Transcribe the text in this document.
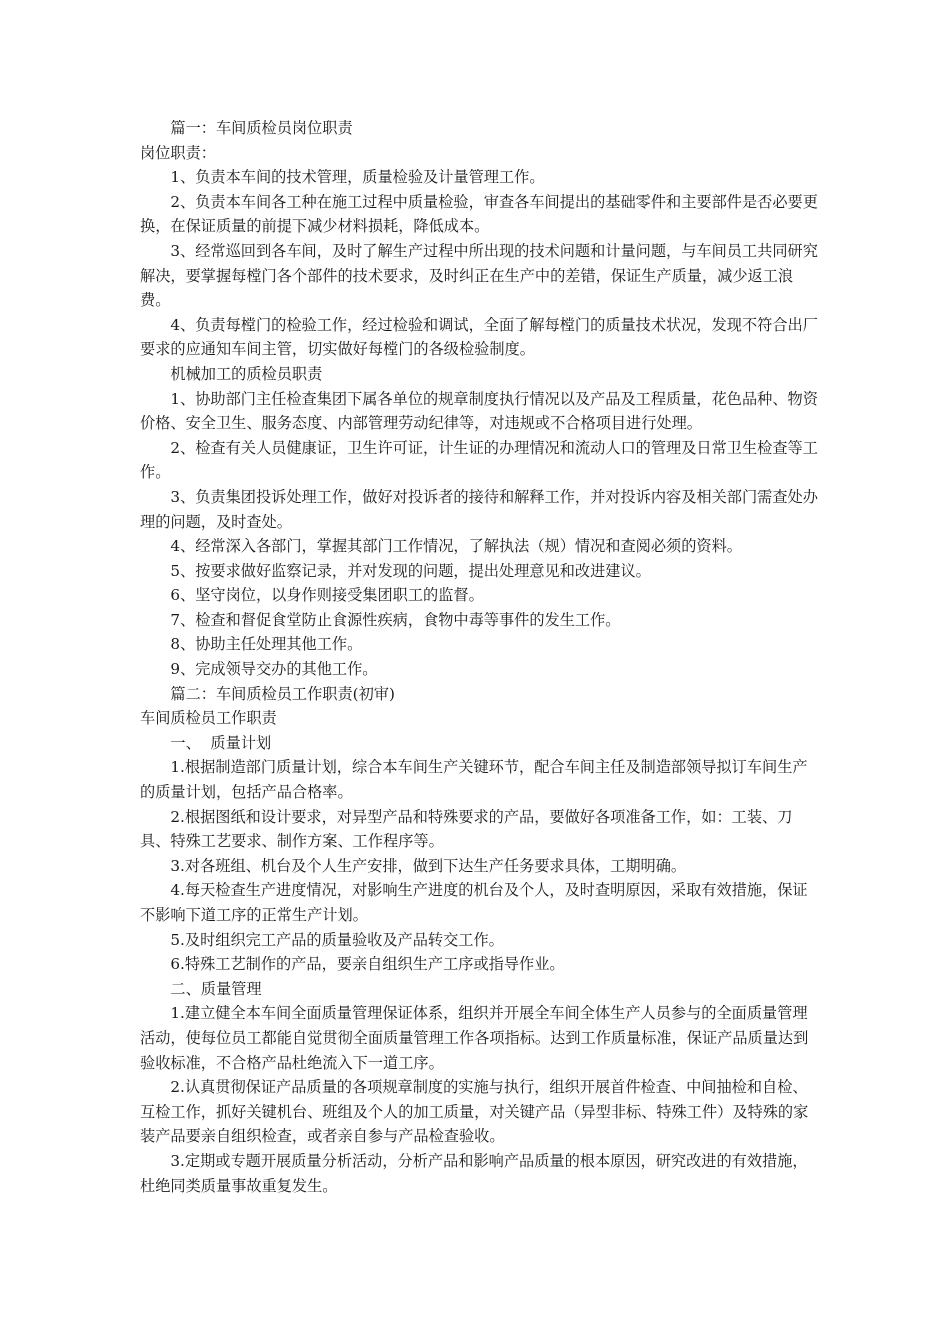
篇一：车间质检员岗位职责

岗位职责：

1、负责本车间的技术管理，质量检验及计量管理工作。

2、负责本车间各工种在施工过程中质量检验，审查各车间提出的基础零件和主要部件是否必要更换，在保证质量的前提下减少材料损耗，降低成本。

3、经常巡回到各车间，及时了解生产过程中所出现的技术问题和计量问题，与车间员工共同研究解决，要掌握每樘门各个部件的技术要求，及时纠正在生产中的差错，保证生产质量，减少返工浪费。

4、负责每樘门的检验工作，经过检验和调试，全面了解每樘门的质量技术状况，发现不符合出厂要求的应通知车间主管，切实做好每樘门的各级检验制度。

机械加工的质检员职责

1、协助部门主任检查集团下属各单位的规章制度执行情况以及产品及工程质量，花色品种、物资价格、安全卫生、服务态度、内部管理劳动纪律等，对违规或不合格项目进行处理。

2、检查有关人员健康证，卫生许可证，计生证的办理情况和流动人口的管理及日常卫生检查等工作。

3、负责集团投诉处理工作，做好对投诉者的接待和解释工作，并对投诉内容及相关部门需查处办理的问题，及时查处。

4、经常深入各部门，掌握其部门工作情况，了解执法（规）情况和查阅必须的资料。

5、按要求做好监察记录，并对发现的问题，提出处理意见和改进建议。

6、坚守岗位，以身作则接受集团职工的监督。

7、检查和督促食堂防止食源性疾病，食物中毒等事件的发生工作。

8、协助主任处理其他工作。

9、完成领导交办的其他工作。

篇二：车间质检员工作职责(初审)

车间质检员工作职责

一、  质量计划

1.根据制造部门质量计划，综合本车间生产关键环节，配合车间主任及制造部领导拟订车间生产的质量计划，包括产品合格率。

2.根据图纸和设计要求，对异型产品和特殊要求的产品，要做好各项准备工作，如：工装、刀具、特殊工艺要求、制作方案、工作程序等。

3.对各班组、机台及个人生产安排，做到下达生产任务要求具体，工期明确。

4.每天检查生产进度情况，对影响生产进度的机台及个人，及时查明原因，采取有效措施，保证不影响下道工序的正常生产计划。

5.及时组织完工产品的质量验收及产品转交工作。

6.特殊工艺制作的产品，要亲自组织生产工序或指导作业。

二、质量管理

1.建立健全本车间全面质量管理保证体系，组织并开展全车间全体生产人员参与的全面质量管理活动，使每位员工都能自觉贯彻全面质量管理工作各项指标。达到工作质量标准，保证产品质量达到验收标准，不合格产品杜绝流入下一道工序。

2.认真贯彻保证产品质量的各项规章制度的实施与执行，组织开展首件检查、中间抽检和自检、互检工作，抓好关键机台、班组及个人的加工质量，对关键产品（异型非标、特殊工件）及特殊的家装产品要亲自组织检查，或者亲自参与产品检查验收。

3.定期或专题开展质量分析活动，分析产品和影响产品质量的根本原因，研究改进的有效措施，杜绝同类质量事故重复发生。
